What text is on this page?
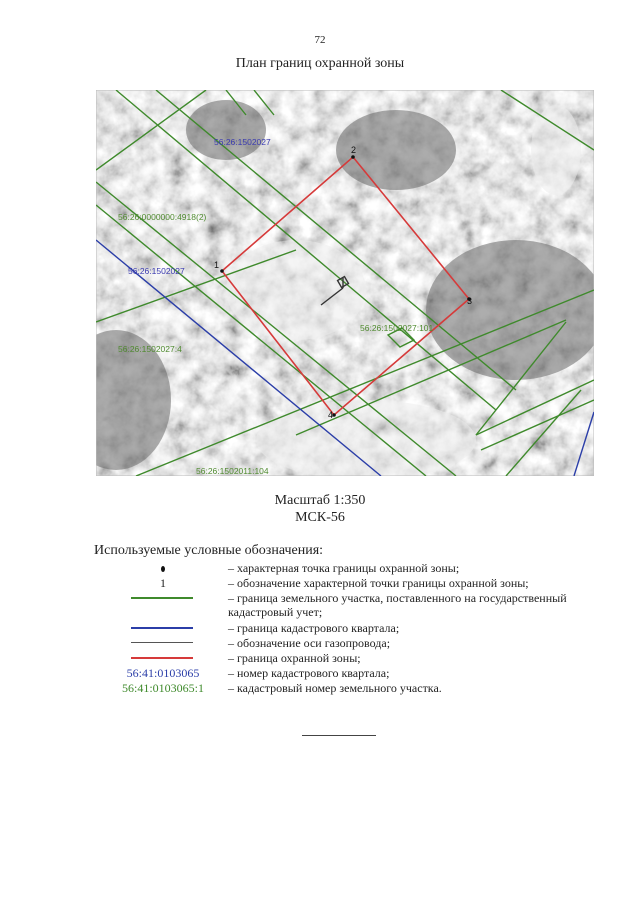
72
План границ охранной зоны
1
2
3
4
56:26:1502027
56:26:0000000:4918(2)
56:26:1502027
56:26:1502027:101
56:26:1502027:4
56:26:1502011:104
Масштаб 1:350
МСК-56
Используемые условные обозначения:
– характерная точка границы охранной зоны;
1	– обозначение характерной точки границы охранной зоны;
– граница земельного участка, поставленного на государственный кадастровый учет;
– граница кадастрового квартала;
– обозначение оси газопровода;
– граница охранной зоны;
56:41:0103065	– номер кадастрового квартала;
56:41:0103065:1	– кадастровый номер земельного участка.
